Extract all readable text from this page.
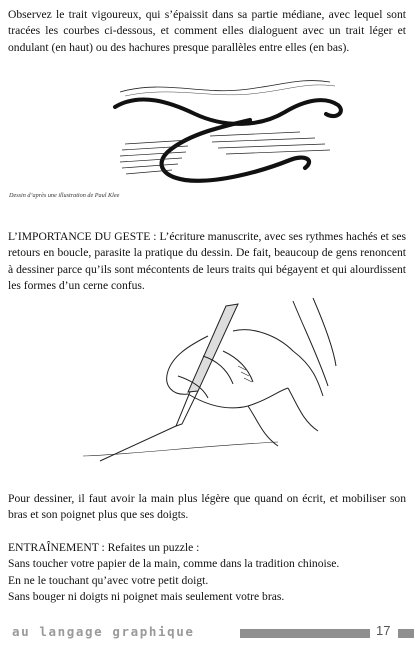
Observez le trait vigoureux, qui s’épaissit dans sa partie médiane, avec lequel sont tracées les courbes ci-dessous, et comment elles dialoguent avec un trait léger et ondulant (en haut) ou des hachures presque parallèles entre elles (en bas).

Dessin d’après une illustration de Paul Klee

L’IMPORTANCE DU GESTE : L’écriture manuscrite, avec ses rythmes hachés et ses retours en boucle, parasite la pratique du dessin. De fait, beaucoup de gens renoncent à dessiner parce qu’ils sont mécontents de leurs traits qui bégayent et qui alourdissent les formes d’un cerne confus.

Pour dessiner, il faut avoir la main plus légère que quand on écrit, et mobiliser son bras et son poignet plus que ses doigts.

ENTRAÎNEMENT : Refaites un puzzle :
Sans toucher votre papier de la main, comme dans la tradition chinoise.
En ne le touchant qu’avec votre petit doigt.
Sans bouger ni doigts ni poignet mais seulement votre bras.

au langage graphique	17
